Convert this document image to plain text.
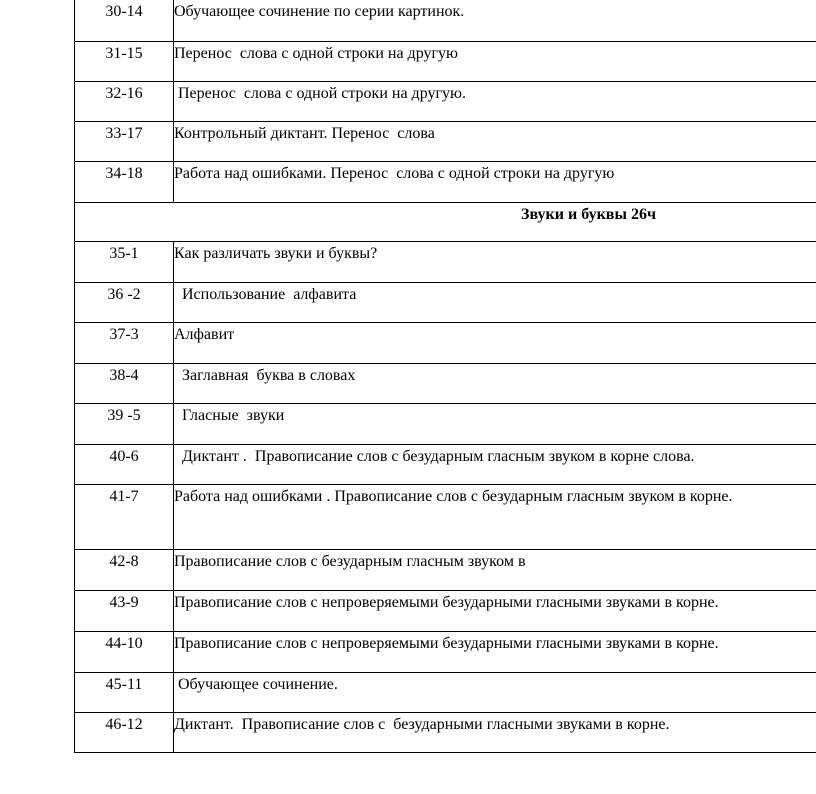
30-14	Обучающее сочинение по серии картинок.
31-15	Перенос  слова с одной строки на другую
32-16	Перенос  слова с одной строки на другую.
33-17	Контрольный диктант. Перенос  слова
34-18	Работа над ошибками. Перенос  слова с одной строки на другую
Звуки и буквы 26ч	
35-1	Как различать звуки и буквы?
36 -2	Использование  алфавита
37-3	Алфавит
38-4	Заглавная  буква в словах
39 -5	Гласные  звуки
40-6	Диктант .  Правописание слов с безударным гласным звуком в корне слова.
41-7	Работа над ошибками . Правописание слов с безударным гласным звуком в корне.
42-8	Правописание слов с безударным гласным звуком в
43-9	Правописание слов с непроверяемыми безударными гласными звуками в корне.
44-10	Правописание слов с непроверяемыми безударными гласными звуками в корне.
45-11	Обучающее сочинение.
46-12	Диктант.  Правописание слов с  безударными гласными звуками в корне.
